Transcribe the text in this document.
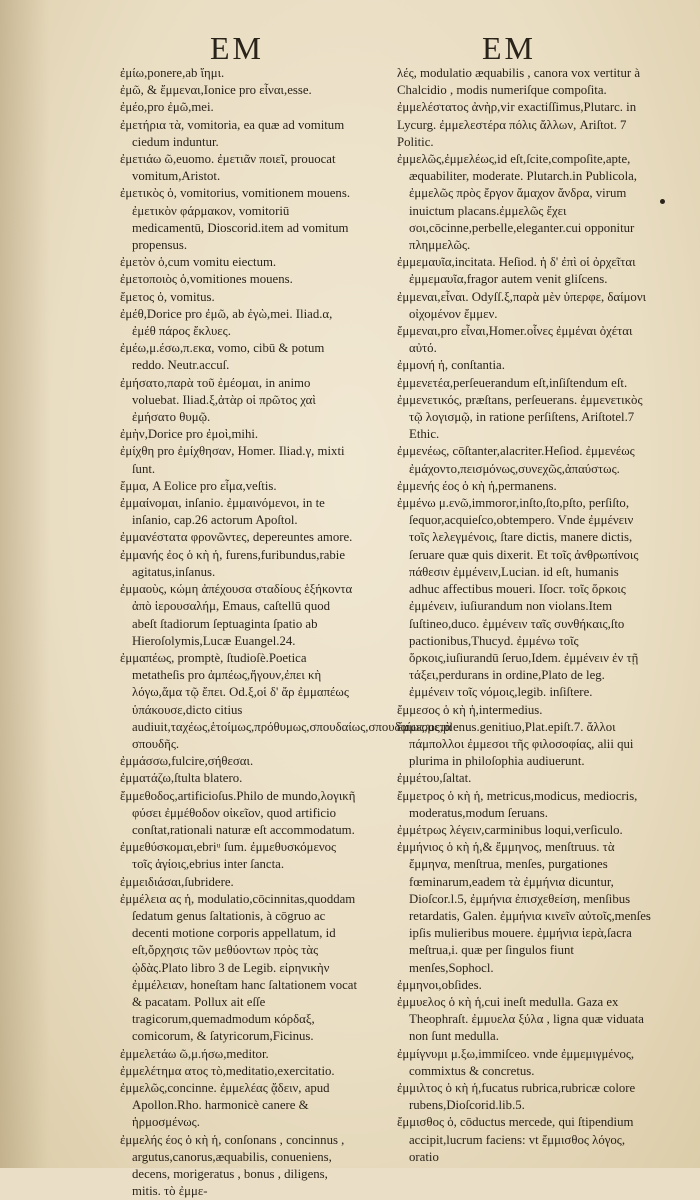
EM	EM

ἐμίω,ponere,ab ἵημι.

ἐμῶ, & ἔμμεναι,Ionice pro εἶναι,esse.

ἐμέο,pro ἐμῶ,mei.

ἐμετήρια τὰ, vomitoria, ea quæ ad vomitum ciedum induntur.

ἐμετιάω ῶ,euomo. ἐμετιᾶν ποιεῖ, prouocat vomitum,Aristot.

ἐμετικὸς ὁ, vomitorius, vomitionem mouens. ἐμετικὸν φάρμακον, vomitoriū medicamentū, Dioscorid.item ad vomitum propensus.

ἐμετὸν ὁ,cum vomitu eiectum.

ἐμετοποιὸς ὁ,vomitiones mouens.

ἔμετος ὁ, vomitus.

ἐμέθ,Dorice pro ἐμῶ, ab ἐγὼ,mei. Iliad.α, ἐμέθ πάρος ἔκλυες.

ἐμέω,μ.έσω,π.εκα, vomo, cibū & potum reddo. Neutr.accuſ.

ἐμήσατο,παρὰ τοῦ ἐμέομαι, in animo voluebat. Iliad.ξ,ἀτὰρ οἱ πρῶτος χαὶ ἐμήσατο θυμῷ.

ἐμὴν,Dorice pro ἐμοὶ,mihi.

ἐμίχθη pro ἐμίχθησαν, Homer. Iliad.γ, mixti ſunt.

ἔμμα, A Eolice pro εἷμα,veſtis.

ἐμμαίνομαι, inſanio. ἐμμαινόμενοι, in te inſanio, cap.26 actorum Apoſtol.

ἐμμανέστατα φρονῶντες, depereuntes amore.

ἐμμανής ἐος ὁ κὴ ἡ, furens,furibundus,rabie agitatus,inſanus.

ἐμμαοὺς, κώμη ἀπέχουσα σταδίους ἑξήκοντα ἀπὸ ἱερουσαλήμ, Emaus, caſtellū quod abeſt ſtadiorum ſeptuaginta ſpatio ab Hieroſolymis,Lucæ Euangel.24.

ἐμμαπέως, promptè, ſtudioſè.Poetica metatheſis pro ἀμπέως,ἤγουν,ἐπει κὴ λόγω,ἅμα τῷ ἔπει. Od.ξ,οἱ δ' ἄρ ἐμμαπέως ὑπάκουσε,dicto citius audiuit,ταχέως,ἑτοίμως,πρόθυμως,σπουδαίως,σπουδαίως,μετὰ σπουδῆς.

ἐμμάσσω,fulcire,σήθεσαι.

ἐμματάζω,ſtulta blatero.

ἔμμεθοδος,artificioſus.Philo de mundo,λογικῆ φύσει ἐμμέθοδον οἰκεῖον, quod artificio conſtat,rationali naturæ eſt accommodatum.

ἐμμεθύσκομαι,ebriᵘ ſum. ἐμμεθυσκόμενος τοῖς ἁγίοις,ebrius inter ſancta.

ἐμμειδιάσαι,ſubridere.

ἐμμέλεια ας ἡ, modulatio,cōcinnitas,quoddam ſedatum genus ſaltationis, à cōgruo ac decenti motione corporis appellatum, id eſt,ὄρχησις τῶν μεθύοντων πρὸς τὰς ᾠδὰς.Plato libro 3 de Legib. εἰρηνικὴν ἐμμέλειαν, honeſtam hanc ſaltationem vocat & pacatam. Pollux ait eſſe tragicorum,quemadmodum κόρδαξ, comicorum, & ſatyricorum,Ficinus.

ἐμμελετάω ῶ,μ.ήσω,meditor.

ἐμμελέτημα ατος τὸ,meditatio,exercitatio.

ἐμμελῶς,concinne. ἐμμελέας ᾄδειν, apud Apollon.Rho. harmonicè canere & ἡρμοσμένως.

ἐμμελής έος ὁ κὴ ἡ, conſonans , concinnus , argutus,canorus,æquabilis, conueniens, decens, morigeratus , bonus , diligens, mitis. τὸ ἐμμε-

λές, modulatio æquabilis , canora vox vertitur à Chalcidio , modis numeriſque compoſita. ἐμμελέστατος ἀνὴρ,vir exactiſſimus,Plutarc. in Lycurg. ἐμμελεστέρα πόλις ἄλλων, Ariſtot. 7 Politic.

ἐμμελῶς,ἐμμελέως,id eſt,ſcite,compoſite,apte, æquabiliter, moderate. Plutarch.in Publicola, ἐμμελῶς πρὸς ἔργον ἄμαχον ἄνδρα, virum inuictum placans.ἐμμελῶς ἔχει σοι,cōcinne,perbelle,eleganter.cui opponitur πλημμελῶς.

ἐμμεμαυῖα,incitata. Heſiod. ἡ δ' ἐπὶ οἱ ὀρχεῖται ἐμμεμαυῖα,fragor autem venit gliſcens.

ἐμμεναι,εἶναι. Odyſſ.ξ,παρὰ μὲν ὑπερφε, δαίμονι οἰχομένον ἔμμεν.

ἔμμεναι,pro εἶναι,Homer.οἷνες ἐμμέναι ὀχέται αὐτό.

ἐμμονή ἡ, conſtantia.

ἐμμενετέα,perſeuerandum eſt,inſiſtendum eſt.

ἐμμενετικός, præſtans, perſeuerans. ἐμμενετικὸς τῷ λογισμῷ, in ratione perſiſtens, Ariſtotel.7 Ethic.

ἐμμενέως, cōſtanter,alacriter.Heſiod. ἐμμενέως ἐμάχοντο,πεισμόνως,συνεχῶς,ἀπαύστως.

ἐμμενής έος ὁ κὴ ἡ,permanens.

ἐμμένω μ.ενῶ,immoror,inſto,ſto,pſto, perſiſto, ſequor,acquieſco,obtempero. Vnde ἐμμένειν τοῖς λελεγμένοις, ſtare dictis, manere dictis, ſeruare quæ quis dixerit. Et τοῖς ἀνθρωπίνοις πάθεσιν ἐμμένειν,Lucian. id eſt, humanis adhuc affectibus moueri. Iſocr. τοῖς ὅρκοις ἐμμένειν, iuſiurandum non violans.Item ſuſtineo,duco. ἐμμένειν ταῖς συνθήκαις,ſto pactionibus,Thucyd. ἐμμένω τοῖς ὅρκοις,iuſiurandū ſeruo,Idem. ἐμμένειν ἐν τῇ τάξει,perdurans in ordine,Plato de leg. ἐμμένειν τοῖς νόμοις,legib. inſiſtere.

ἔμμεσος ὁ κὴ ἡ,intermedius.

ἔμμεσος,plenus.genitiuo,Plat.epiſt.7. ἄλλοι πάμπολλοι ἐμμεσοι τῆς φιλοσοφίας, alii qui plurima in philoſophia audiuerunt.

ἐμμέτου,ſaltat.

ἔμμετρος ὁ κὴ ἡ, metricus,modicus, mediocris, moderatus,modum ſeruans.

ἐμμέτρως λέγειν,carminibus loqui,verſiculo.

ἐμμήνιος ὁ κὴ ἡ,& ἔμμηνος, menſtruus. τὰ ἔμμηνα, menſtrua, menſes, purgationes fœminarum,eadem τὰ ἐμμήνια dicuntur, Dioſcor.l.5, ἐμμήνια ἐπισχεθείση, menſibus retardatis, Galen. ἐμμήνια κινεῖν αὐτοῖς,menſes ipſis mulieribus mouere. ἐμμήνια ἱερὰ,ſacra meſtrua,i. quæ per ſingulos fiunt menſes,Sophocl.

ἐμμηνοι,obſides.

ἐμμυελος ὁ κὴ ἡ,cui ineſt medulla. Gaza ex Theophraſt. ἐμμυελα ξύλα , ligna quæ viduata non ſunt medulla.

ἐμμίγνυμι μ.ξω,immiſceo. vnde ἐμμεμιγμένος, commixtus & concretus.

ἐμμιλτος ὁ κὴ ἡ,fucatus rubrica,rubricæ colore rubens,Dioſcorid.lib.5.

ἔμμισθος ὁ, cōductus mercede, qui ſtipendium accipit,lucrum faciens: vt ἔμμισθος λόγος, oratio
